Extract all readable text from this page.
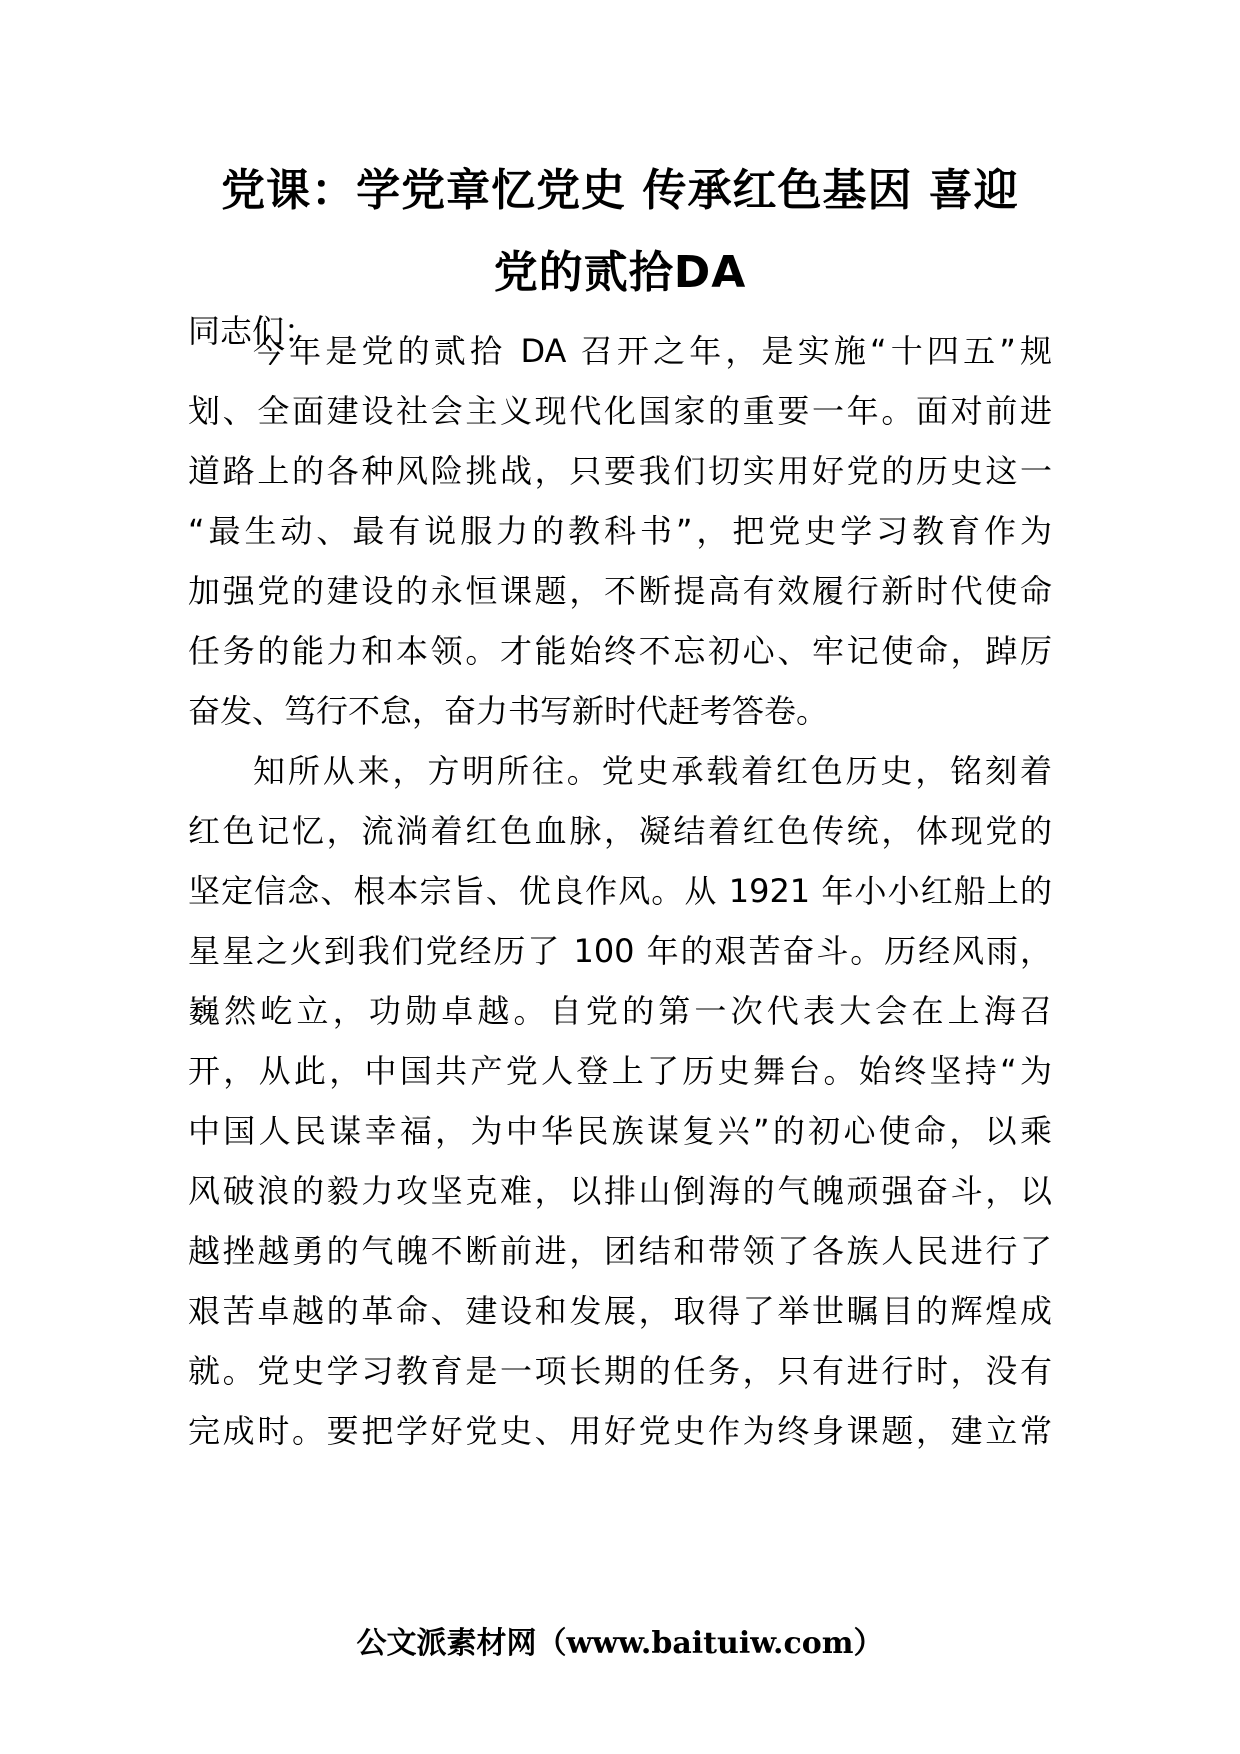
党课：学党章忆党史 传承红色基因 喜迎
党的贰拾DA

同志们：

今年是党的贰拾 DA 召开之年，是实施“十四五”规

划、全面建设社会主义现代化国家的重要一年。面对前进

道路上的各种风险挑战，只要我们切实用好党的历史这一

“最生动、最有说服力的教科书”，把党史学习教育作为

加强党的建设的永恒课题，不断提高有效履行新时代使命

任务的能力和本领。才能始终不忘初心、牢记使命，踔厉

奋发、笃行不怠，奋力书写新时代赶考答卷。

知所从来，方明所往。党史承载着红色历史，铭刻着

红色记忆，流淌着红色血脉，凝结着红色传统，体现党的

坚定信念、根本宗旨、优良作风。从 1921 年小小红船上的

星星之火到我们党经历了 100 年的艰苦奋斗。历经风雨，

巍然屹立，功勋卓越。自党的第一次代表大会在上海召

开，从此，中国共产党人登上了历史舞台。始终坚持“为

中国人民谋幸福，为中华民族谋复兴”的初心使命，以乘

风破浪的毅力攻坚克难，以排山倒海的气魄顽强奋斗，以

越挫越勇的气魄不断前进，团结和带领了各族人民进行了

艰苦卓越的革命、建设和发展，取得了举世瞩目的辉煌成

就。党史学习教育是一项长期的任务，只有进行时，没有

完成时。要把学好党史、用好党史作为终身课题，建立常

公文派素材网（www.baituiw.com）
